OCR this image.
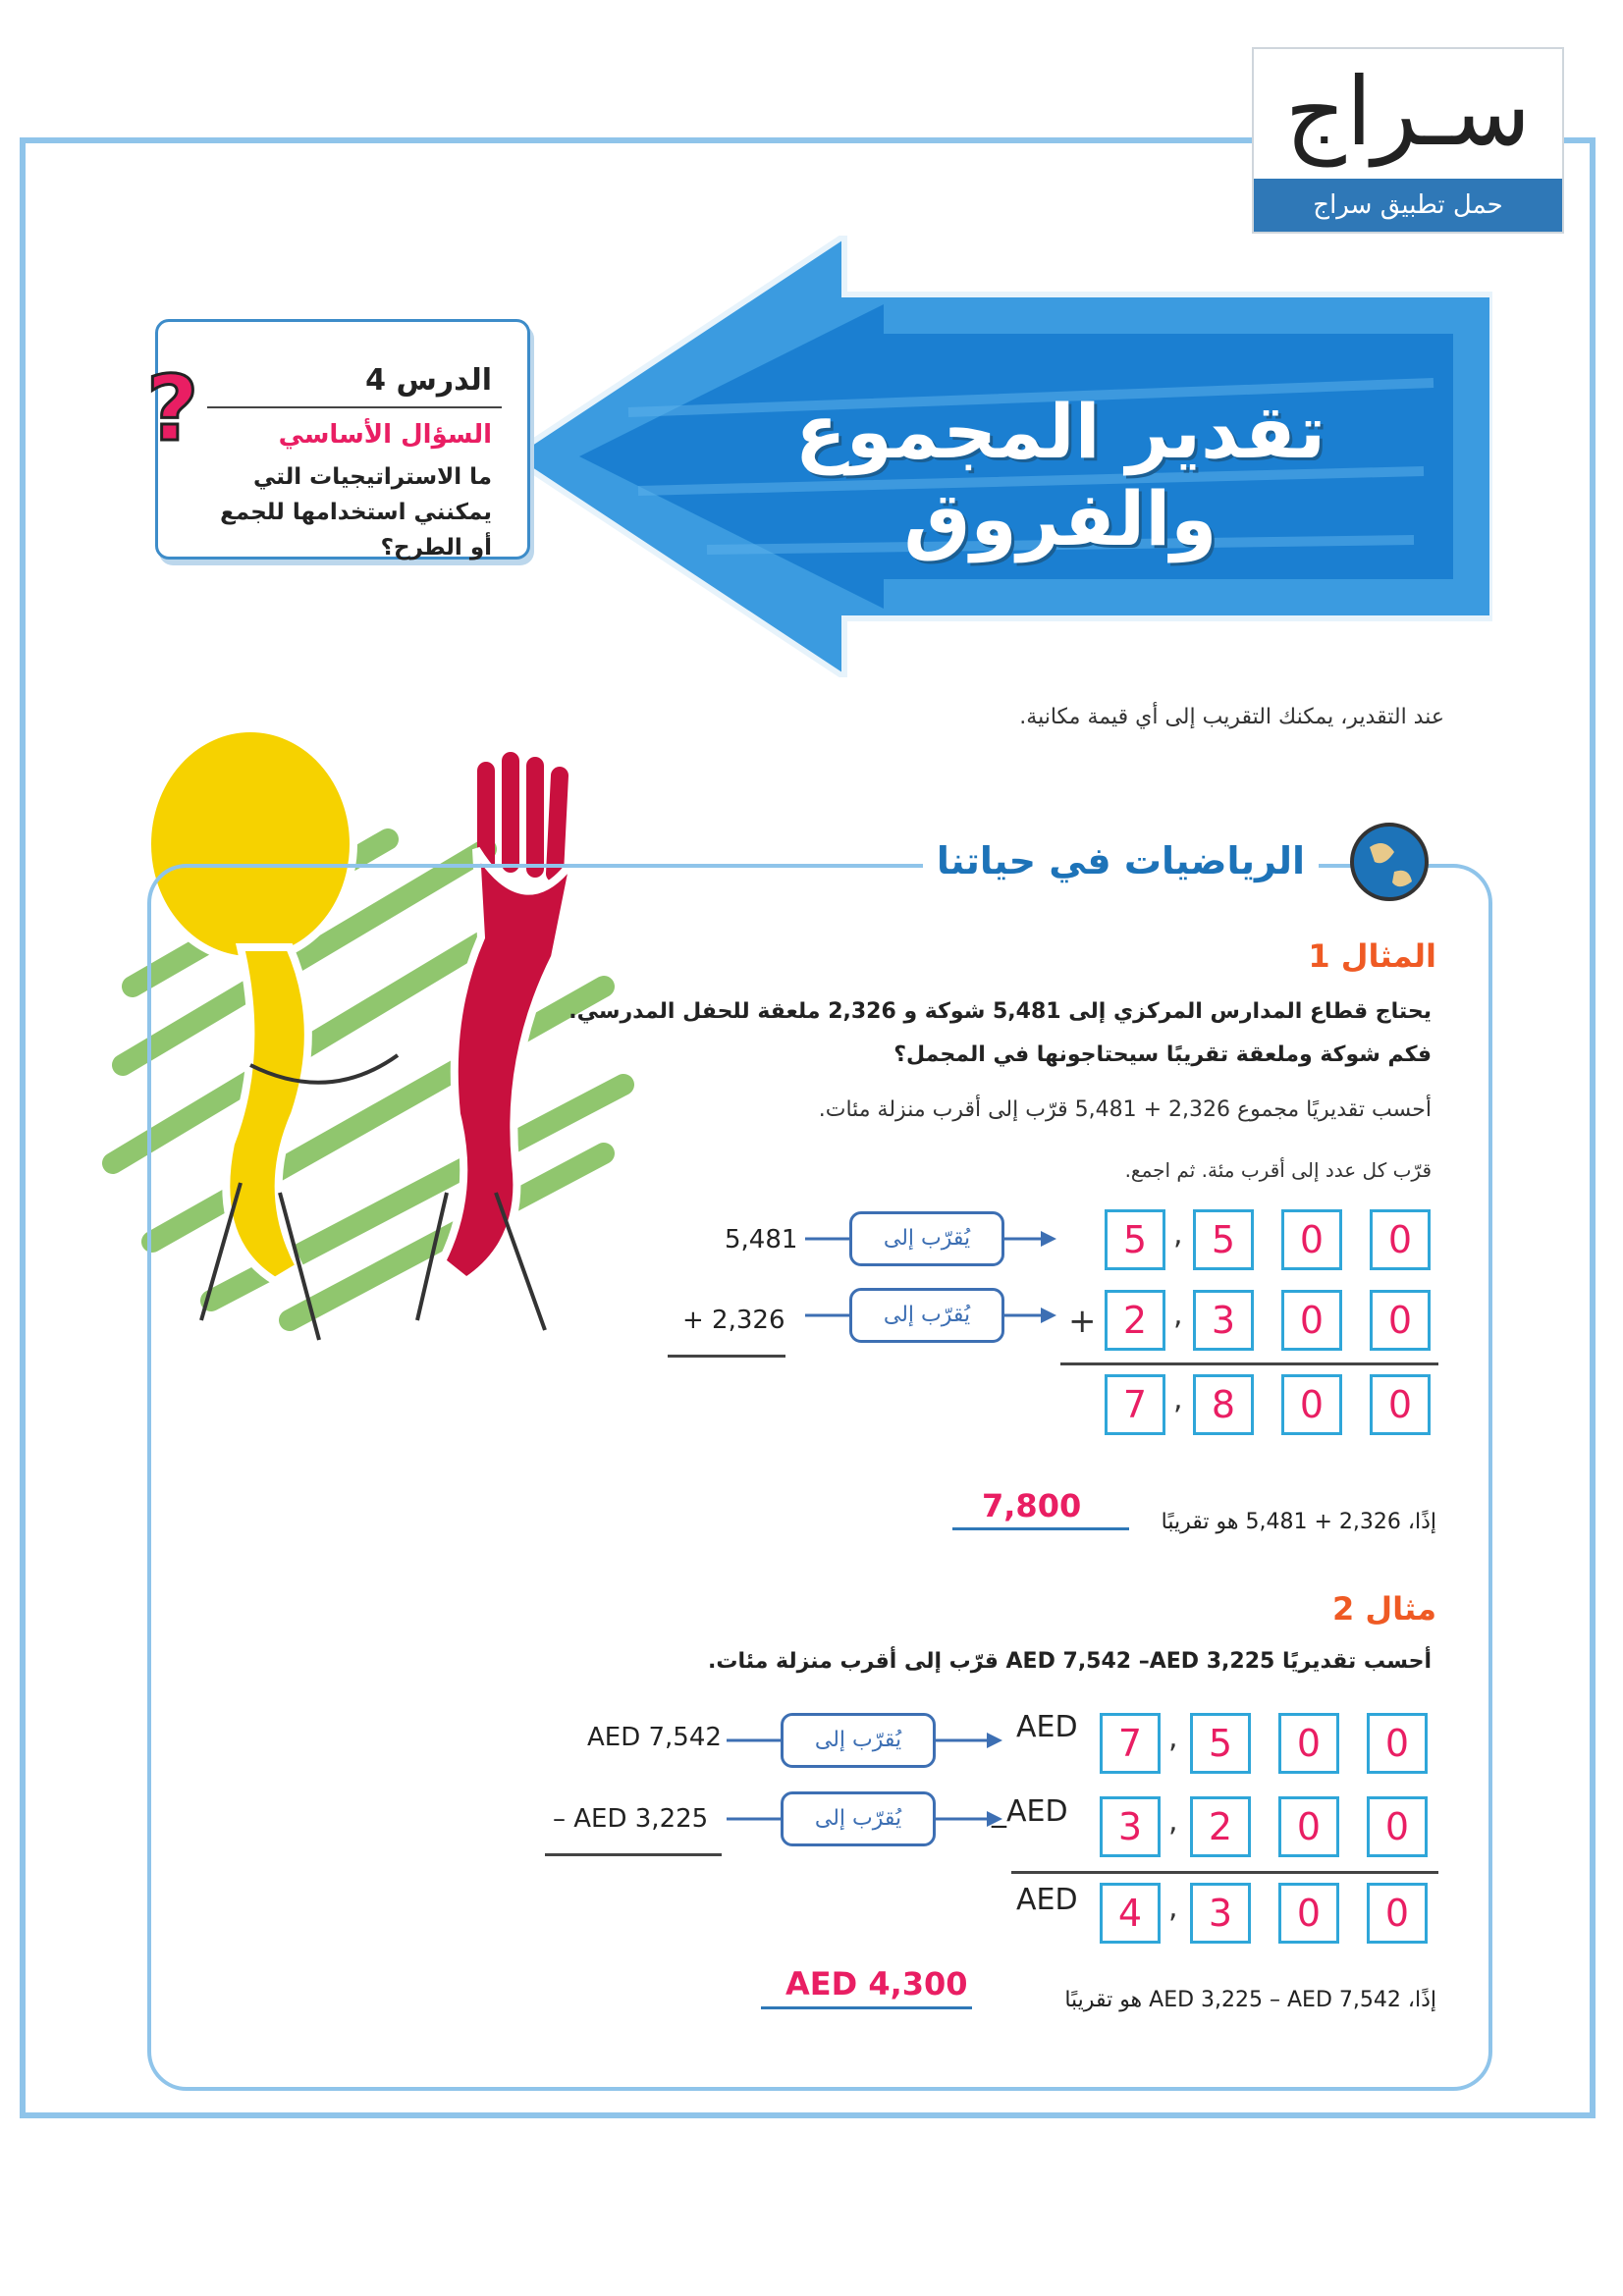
سـراج
حمل تطبيق سراج
تقدير المجموع والفروق
الدرس 4
السؤال الأساسي
ما الاستراتيجيات التي يمكنني استخدامها للجمع أو الطرح؟
?
عند التقدير، يمكنك التقريب إلى أي قيمة مكانية.
الرياضيات في حياتنا
المثال 1
يحتاج قطاع المدارس المركزي إلى 5,481 شوكة و 2,326 ملعقة للحفل المدرسي.
فكم شوكة وملعقة تقريبًا سيحتاجونها في المجمل؟
أحسب تقديريًا مجموع 2,326 + 5,481 قرّب إلى أقرب منزلة مئات.
قرّب كل عدد إلى أقرب مئة. ثم اجمع.
5,481
+ 2,326
يُقرّب إلى
يُقرّب إلى	+
5 , 5	0	0
2 , 3	0	0
7 , 8	0	0
إذًا، 2,326 + 5,481 هو تقريبًا
7,800
مثال 2
أحسب تقديريًا AED 7,542 –AED 3,225 قرّب إلى أقرب منزلة مئات.
AED 7,542
– AED 3,225
يُقرّب إلى
يُقرّب إلى
AED
_AED
AED
7 , 5	0	0
3 , 2	0	0
4 , 3	0	0
إذًا، AED 3,225 – AED 7,542 هو تقريبًا
AED 4,300
